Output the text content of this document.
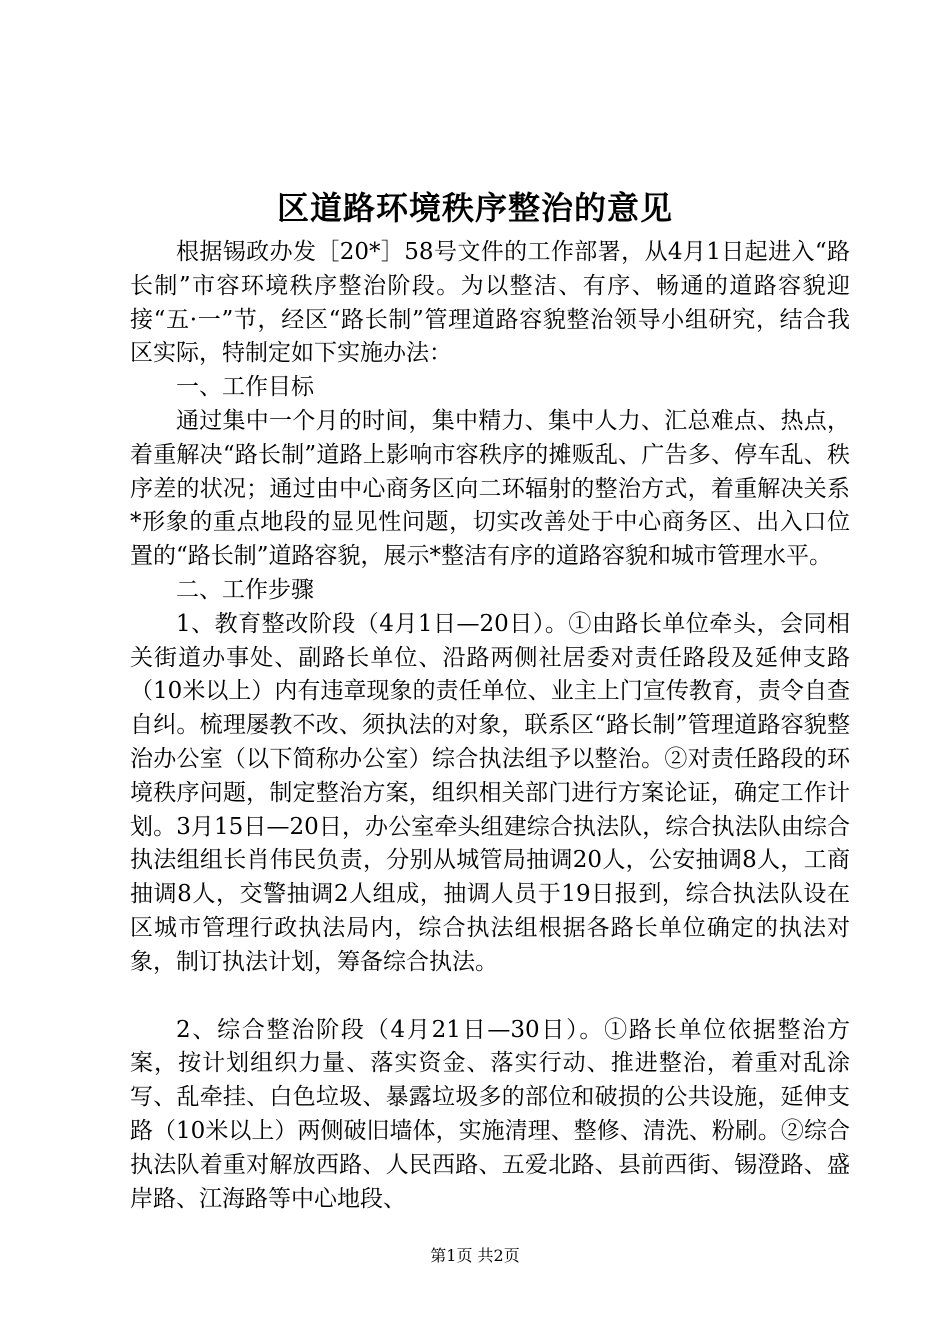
区道路环境秩序整治的意见

根据锡政办发［20*］58号文件的工作部署，从4月1日起进入“路长制”市容环境秩序整治阶段。为以整洁、有序、畅通的道路容貌迎接“五·一”节，经区“路长制”管理道路容貌整治领导小组研究，结合我区实际，特制定如下实施办法：

一、工作目标

通过集中一个月的时间，集中精力、集中人力、汇总难点、热点，着重解决“路长制”道路上影响市容秩序的摊贩乱、广告多、停车乱、秩序差的状况；通过由中心商务区向二环辐射的整治方式，着重解决关系*形象的重点地段的显见性问题，切实改善处于中心商务区、出入口位置的“路长制”道路容貌，展示*整洁有序的道路容貌和城市管理水平。

二、工作步骤

1、教育整改阶段（4月1日—20日）。①由路长单位牵头，会同相关街道办事处、副路长单位、沿路两侧社居委对责任路段及延伸支路（10米以上）内有违章现象的责任单位、业主上门宣传教育，责令自查自纠。梳理屡教不改、须执法的对象，联系区“路长制”管理道路容貌整治办公室（以下简称办公室）综合执法组予以整治。②对责任路段的环境秩序问题，制定整治方案，组织相关部门进行方案论证，确定工作计划。3月15日—20日，办公室牵头组建综合执法队，综合执法队由综合执法组组长肖伟民负责，分别从城管局抽调20人，公安抽调8人，工商抽调8人，交警抽调2人组成，抽调人员于19日报到，综合执法队设在区城市管理行政执法局内，综合执法组根据各路长单位确定的执法对象，制订执法计划，筹备综合执法。

2、综合整治阶段（4月21日—30日）。①路长单位依据整治方案，按计划组织力量、落实资金、落实行动、推进整治，着重对乱涂写、乱牵挂、白色垃圾、暴露垃圾多的部位和破损的公共设施，延伸支路（10米以上）两侧破旧墙体，实施清理、整修、清洗、粉刷。②综合执法队着重对解放西路、人民西路、五爱北路、县前西街、锡澄路、盛岸路、江海路等中心地段、

第1页 共2页
